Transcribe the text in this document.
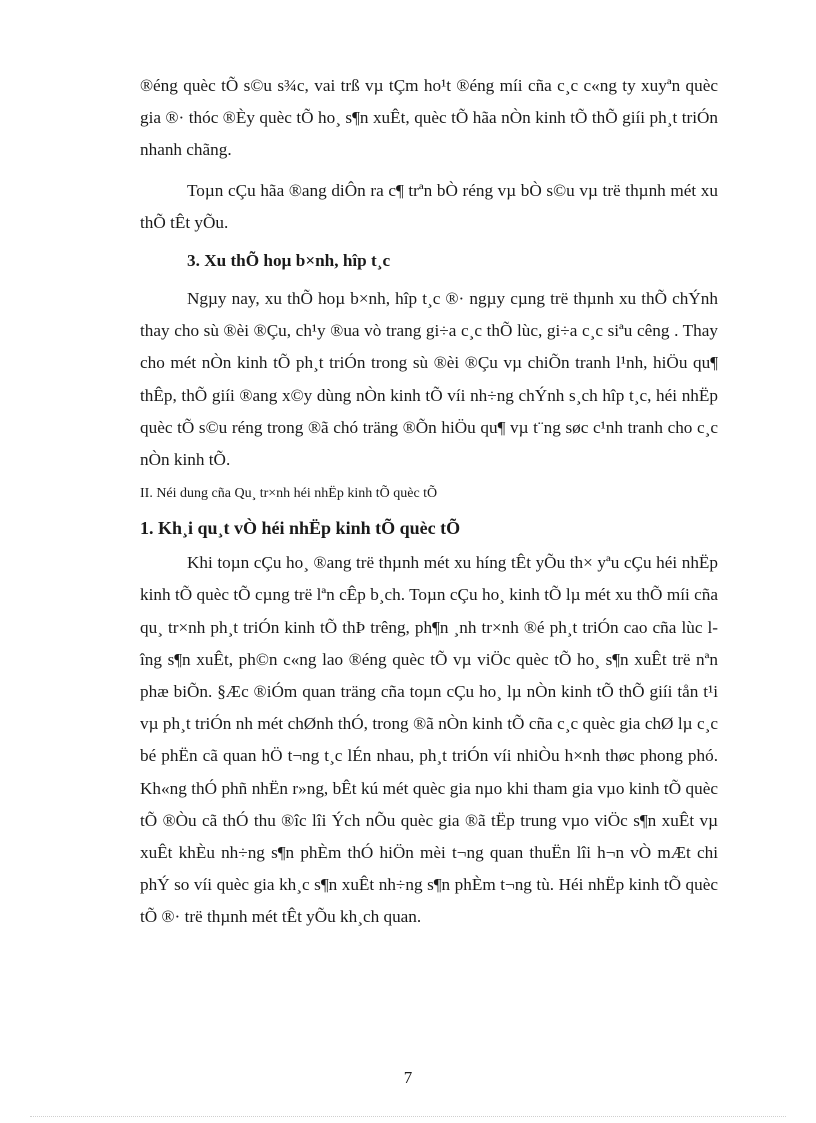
®éng quèc tÕ s©u s¾c, vai trß vµ tÇm ho¹t ®éng míi cña c¸c c«ng ty xuyªn quèc gia ®· thóc ®Èy quèc tÕ ho¸ s¶n xuÊt, quèc tÕ hãa nÒn kinh tÕ thÕ giíi ph¸t triÓn nhanh chãng.

Toµn cÇu hãa ®ang diÔn ra c¶ trªn bÒ réng vµ bÒ s©u vµ trë thµnh mét xu thÕ tÊt yÕu.

3. Xu thÕ hoµ b×nh, hîp t¸c

Ngµy nay, xu thÕ hoµ b×nh, hîp t¸c ®· ngµy cµng trë thµnh xu thÕ chÝnh thay cho sù ®èi ®Çu, ch¹y ®ua vò trang gi÷a c¸c thÕ lùc, gi÷a c¸c siªu cêng . Thay cho mét nÒn kinh tÕ ph¸t triÓn trong sù ®èi ®Çu vµ chiÕn tranh l¹nh, hiÖu qu¶ thÊp, thÕ giíi ®ang x©y dùng nÒn kinh tÕ víi nh÷ng chÝnh s¸ch hîp t¸c, héi nhËp quèc tÕ s©u réng trong ®ã chó träng ®Õn hiÖu qu¶ vµ t¨ng søc c¹nh tranh cho c¸c nÒn kinh tÕ.

II. Néi dung cña Qu¸ tr×nh héi nhËp kinh tÕ quèc tÕ

1. Kh¸i qu¸t vÒ héi nhËp kinh tÕ quèc tÕ

Khi toµn cÇu ho¸ ®ang trë thµnh mét xu híng tÊt yÕu th× yªu cÇu héi nhËp kinh tÕ quèc tÕ cµng trë lªn cÊp b¸ch. Toµn cÇu ho¸ kinh tÕ lµ mét xu thÕ míi cña qu¸ tr×nh ph¸t triÓn kinh tÕ thÞ trêng, ph¶n ¸nh tr×nh ®é ph¸t triÓn cao cña lùc lîng s¶n xuÊt, ph©n c«ng lao ®éng quèc tÕ vµ viÖc quèc tÕ ho¸ s¶n xuÊt trë nªn phæ biÕn. §Æc ®iÓm quan träng cña toµn cÇu ho¸ lµ nÒn kinh tÕ thÕ giíi tån t¹i vµ ph¸t triÓn nh mét chØnh thÓ, trong ®ã nÒn kinh tÕ cña c¸c quèc gia chØ lµ c¸c bé phËn cã quan hÖ t¬ng t¸c lÉn nhau, ph¸t triÓn víi nhiÒu h×nh thøc phong phó. Kh«ng thÓ phñ nhËn r»ng, bÊt kú mét quèc gia nµo khi tham gia vµo kinh tÕ quèc tÕ ®Òu cã thÓ thu ®îc lîi Ých nÕu quèc gia ®ã tËp trung vµo viÖc s¶n xuÊt vµ xuÊt khÈu nh÷ng s¶n phÈm thÓ hiÖn mèi t¬ng quan thuËn lîi h¬n vÒ mÆt chi phÝ so víi quèc gia kh¸c s¶n xuÊt nh÷ng s¶n phÈm t¬ng tù. Héi nhËp kinh tÕ quèc tÕ ®· trë thµnh mét tÊt yÕu kh¸ch quan.

7
